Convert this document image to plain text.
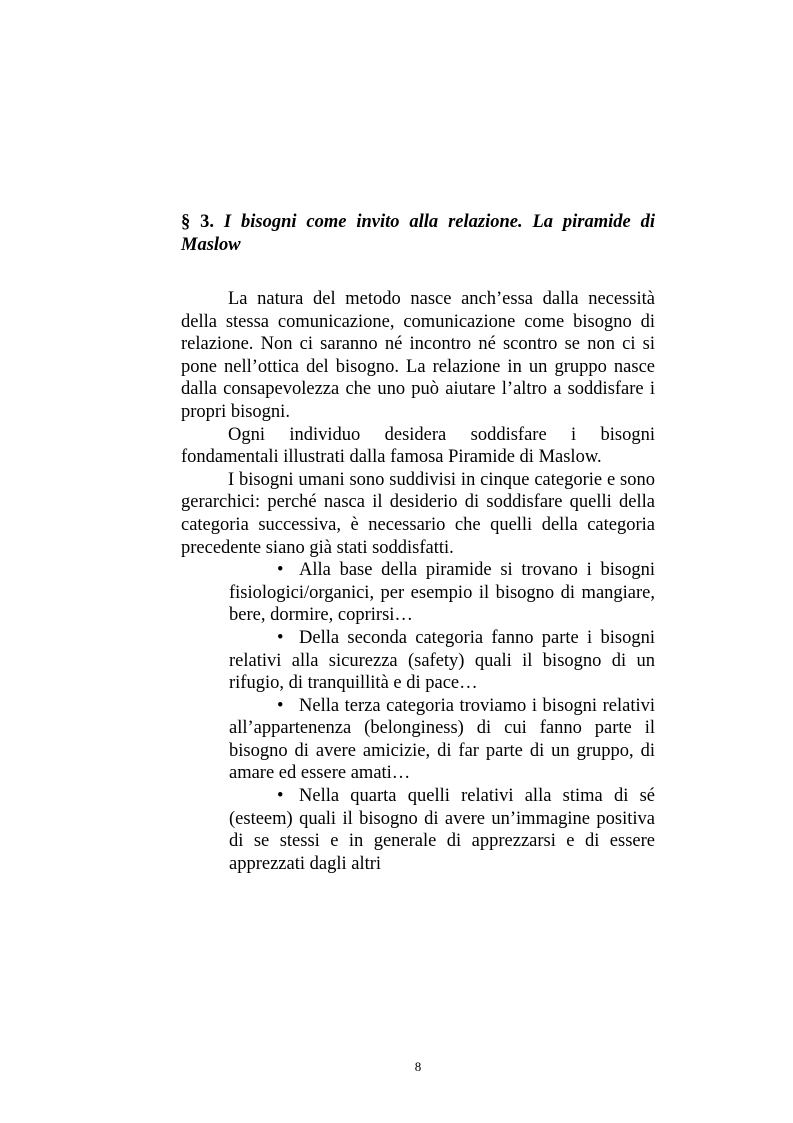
§ 3. I bisogni come invito alla relazione. La piramide di Maslow

La natura del metodo nasce anch’essa dalla necessità della stessa comunicazione, comunicazione come bisogno di relazione. Non ci saranno né incontro né scontro se non ci si pone nell’ottica del bisogno. La relazione in un gruppo nasce dalla consapevolezza che uno può aiutare l’altro a soddisfare i propri bisogni.

Ogni individuo desidera soddisfare i bisogni fondamentali illustrati dalla famosa Piramide di Maslow.

I bisogni umani sono suddivisi in cinque categorie e sono gerarchici: perché nasca il desiderio di soddisfare quelli della categoria successiva, è necessario che quelli della categoria precedente siano già stati soddisfatti.

• Alla base della piramide si trovano i bisogni fisiologici/organici, per esempio il bisogno di mangiare, bere, dormire, coprirsi…
• Della seconda categoria fanno parte i bisogni relativi alla sicurezza (safety) quali il bisogno di un rifugio, di tranquillità e di pace…
• Nella terza categoria troviamo i bisogni relativi all’appartenenza (belonginess) di cui fanno parte il bisogno di avere amicizie, di far parte di un gruppo, di amare ed essere amati…
• Nella quarta quelli relativi alla stima di sé (esteem) quali il bisogno di avere un’immagine positiva di se stessi e in generale di apprezzarsi e di essere apprezzati dagli altri
8
